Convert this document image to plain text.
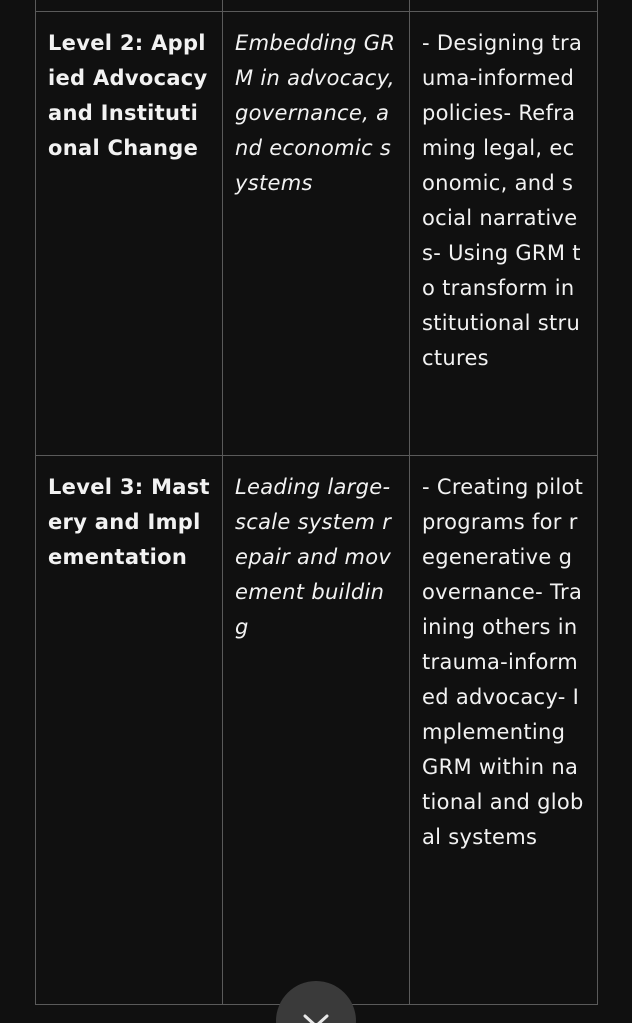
Level 2: Applied Advocacy and Institutional Change	Embedding GRM in advocacy, governance, and economic systems	- Designing trauma-informed policies- Reframing legal, economic, and social narratives- Using GRM to transform institutional structures
Level 3: Mastery and Implementation	Leading large-scale system repair and movement building	- Creating pilot programs for regenerative governance- Training others in trauma-informed advocacy- Implementing GRM within national and global systems
